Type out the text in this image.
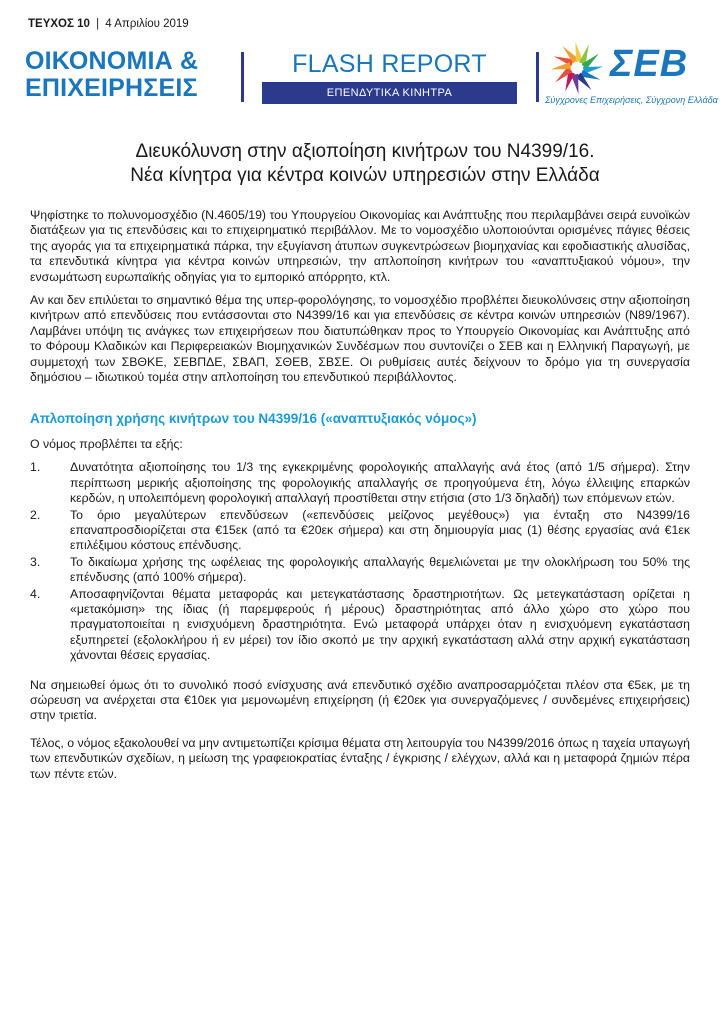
ΤΕΥΧΟΣ 10 | 4 Απριλίου 2019
ΟΙΚΟΝΟΜΙΑ &
ΕΠΙΧΕΙΡΗΣΕΙΣ
FLASH REPORT
ΕΠΕΝΔΥΤΙΚΑ ΚΙΝΗΤΡΑ
ΣΕΒ
Σύγχρονες Επιχειρήσεις, Σύγχρονη Ελλάδα
Διευκόλυνση στην αξιοποίηση κινήτρων του Ν4399/16.
Νέα κίνητρα για κέντρα κοινών υπηρεσιών στην Ελλάδα

Ψηφίστηκε το πολυνομοσχέδιο (Ν.4605/19) του Υπουργείου Οικονομίας και Ανάπτυξης που περιλαμβάνει σειρά ευνοϊκών διατάξεων για τις επενδύσεις και το επιχειρηματικό περιβάλλον. Με το νομοσχέδιο υλοποιούνται ορισμένες πάγιες θέσεις της αγοράς για τα επιχειρηματικά πάρκα, την εξυγίανση άτυπων συγκεντρώσεων βιομηχανίας και εφοδιαστικής αλυσίδας, τα επενδυτικά κίνητρα για κέντρα κοινών υπηρεσιών, την απλοποίηση κινήτρων του «αναπτυξιακού νόμου», την ενσωμάτωση ευρωπαϊκής οδηγίας για το εμπορικό απόρρητο, κτλ.

Αν και δεν επιλύεται το σημαντικό θέμα της υπερ-φορολόγησης, το νομοσχέδιο προβλέπει διευκολύνσεις στην αξιοποίηση κινήτρων από επενδύσεις που εντάσσονται στο Ν4399/16 και για επενδύσεις σε κέντρα κοινών υπηρεσιών (Ν89/1967). Λαμβάνει υπόψη τις ανάγκες των επιχειρήσεων που διατυπώθηκαν προς το Υπουργείο Οικονομίας και Ανάπτυξης από το Φόρουμ Κλαδικών και Περιφερειακών Βιομηχανικών Συνδέσμων που συντονίζει ο ΣΕΒ και η Ελληνική Παραγωγή, με συμμετοχή των ΣΒΘΚΕ, ΣΕΒΠΔΕ, ΣΒΑΠ, ΣΘΕΒ, ΣΒΣΕ. Οι ρυθμίσεις αυτές δείχνουν το δρόμο για τη συνεργασία δημόσιου – ιδιωτικού τομέα στην απλοποίηση του επενδυτικού περιβάλλοντος.

Απλοποίηση χρήσης κινήτρων του Ν4399/16 («αναπτυξιακός νόμος»)

Ο νόμος προβλέπει τα εξής:

1. Δυνατότητα αξιοποίησης του 1/3 της εγκεκριμένης φορολογικής απαλλαγής ανά έτος (από 1/5 σήμερα). Στην περίπτωση μερικής αξιοποίησης της φορολογικής απαλλαγής σε προηγούμενα έτη, λόγω έλλειψης επαρκών κερδών, η υπολειπόμενη φορολογική απαλλαγή προστίθεται στην ετήσια (στο 1/3 δηλαδή) των επόμενων ετών.
2. Το όριο μεγαλύτερων επενδύσεων («επενδύσεις μείζονος μεγέθους») για ένταξη στο Ν4399/16 επαναπροσδιορίζεται στα €15εκ (από τα €20εκ σήμερα) και στη δημιουργία μιας (1) θέσης εργασίας ανά €1εκ επιλέξιμου κόστους επένδυσης.
3. Το δικαίωμα χρήσης της ωφέλειας της φορολογικής απαλλαγής θεμελιώνεται με την ολοκλήρωση του 50% της επένδυσης (από 100% σήμερα).
4. Αποσαφηνίζονται θέματα μεταφοράς και μετεγκατάστασης δραστηριοτήτων. Ως μετεγκατάσταση ορίζεται η «μετακόμιση» της ίδιας (ή παρεμφερούς ή μέρους) δραστηριότητας από άλλο χώρο στο χώρο που πραγματοποιείται η ενισχυόμενη δραστηριότητα. Ενώ μεταφορά υπάρχει όταν η ενισχυόμενη εγκατάσταση εξυπηρετεί (εξολοκλήρου ή εν μέρει) τον ίδιο σκοπό με την αρχική εγκατάσταση αλλά στην αρχική εγκατάσταση χάνονται θέσεις εργασίας.

Να σημειωθεί όμως ότι το συνολικό ποσό ενίσχυσης ανά επενδυτικό σχέδιο αναπροσαρμόζεται πλέον στα €5εκ, με τη σώρευση να ανέρχεται στα €10εκ για μεμονωμένη επιχείρηση (ή €20εκ για συνεργαζόμενες / συνδεμένες επιχειρήσεις) στην τριετία.

Τέλος, ο νόμος εξακολουθεί να μην αντιμετωπίζει κρίσιμα θέματα στη λειτουργία του Ν4399/2016 όπως η ταχεία υπαγωγή των επενδυτικών σχεδίων, η μείωση της γραφειοκρατίας ένταξης / έγκρισης / ελέγχων, αλλά και η μεταφορά ζημιών πέρα των πέντε ετών.
